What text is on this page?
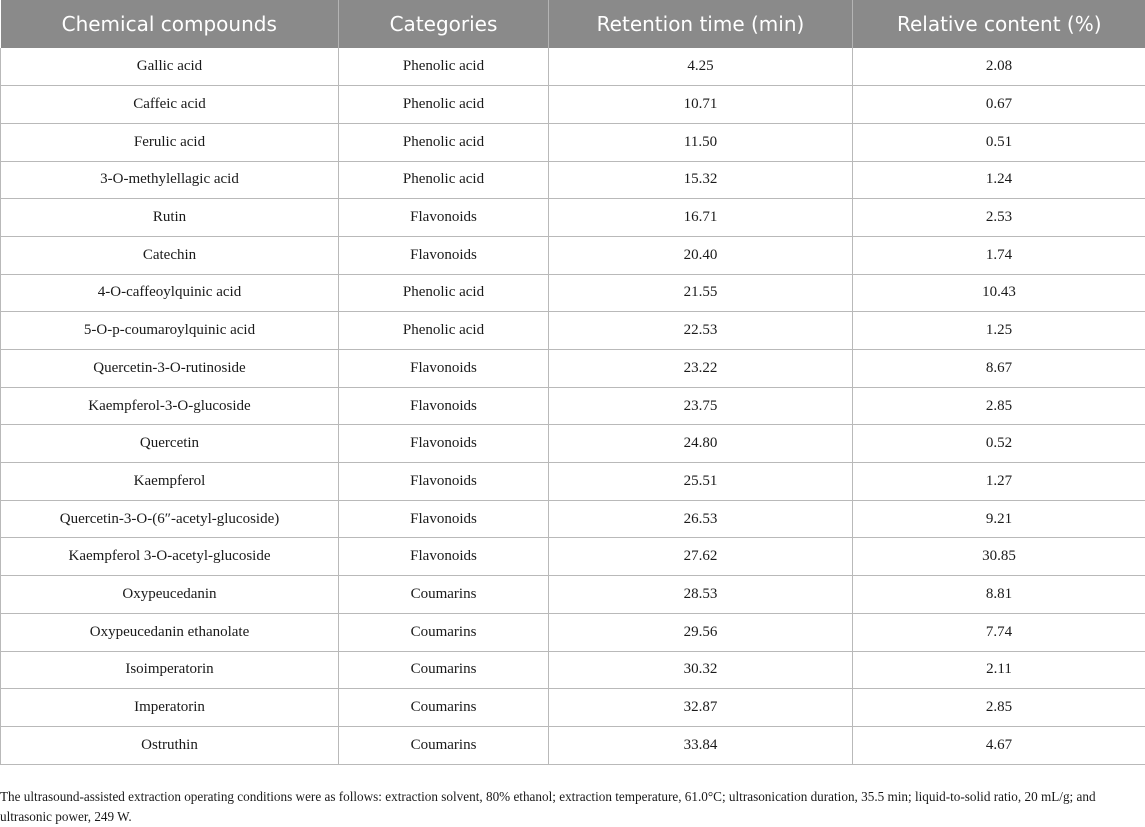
Chemical compounds	Categories	Retention time (min)	Relative content (%)
Gallic acid	Phenolic acid	4.25	2.08
Caffeic acid	Phenolic acid	10.71	0.67
Ferulic acid	Phenolic acid	11.50	0.51
3-O-methylellagic acid	Phenolic acid	15.32	1.24
Rutin	Flavonoids	16.71	2.53
Catechin	Flavonoids	20.40	1.74
4-O-caffeoylquinic acid	Phenolic acid	21.55	10.43
5-O-p-coumaroylquinic acid	Phenolic acid	22.53	1.25
Quercetin-3-O-rutinoside	Flavonoids	23.22	8.67
Kaempferol-3-O-glucoside	Flavonoids	23.75	2.85
Quercetin	Flavonoids	24.80	0.52
Kaempferol	Flavonoids	25.51	1.27
Quercetin-3-O-(6″-acetyl-glucoside)	Flavonoids	26.53	9.21
Kaempferol 3-O-acetyl-glucoside	Flavonoids	27.62	30.85
Oxypeucedanin	Coumarins	28.53	8.81
Oxypeucedanin ethanolate	Coumarins	29.56	7.74
Isoimperatorin	Coumarins	30.32	2.11
Imperatorin	Coumarins	32.87	2.85
Ostruthin	Coumarins	33.84	4.67

The ultrasound-assisted extraction operating conditions were as follows: extraction solvent, 80% ethanol; extraction temperature, 61.0°C; ultrasonication duration, 35.5 min; liquid-to-solid ratio, 20 mL/g; and ultrasonic power, 249 W.
